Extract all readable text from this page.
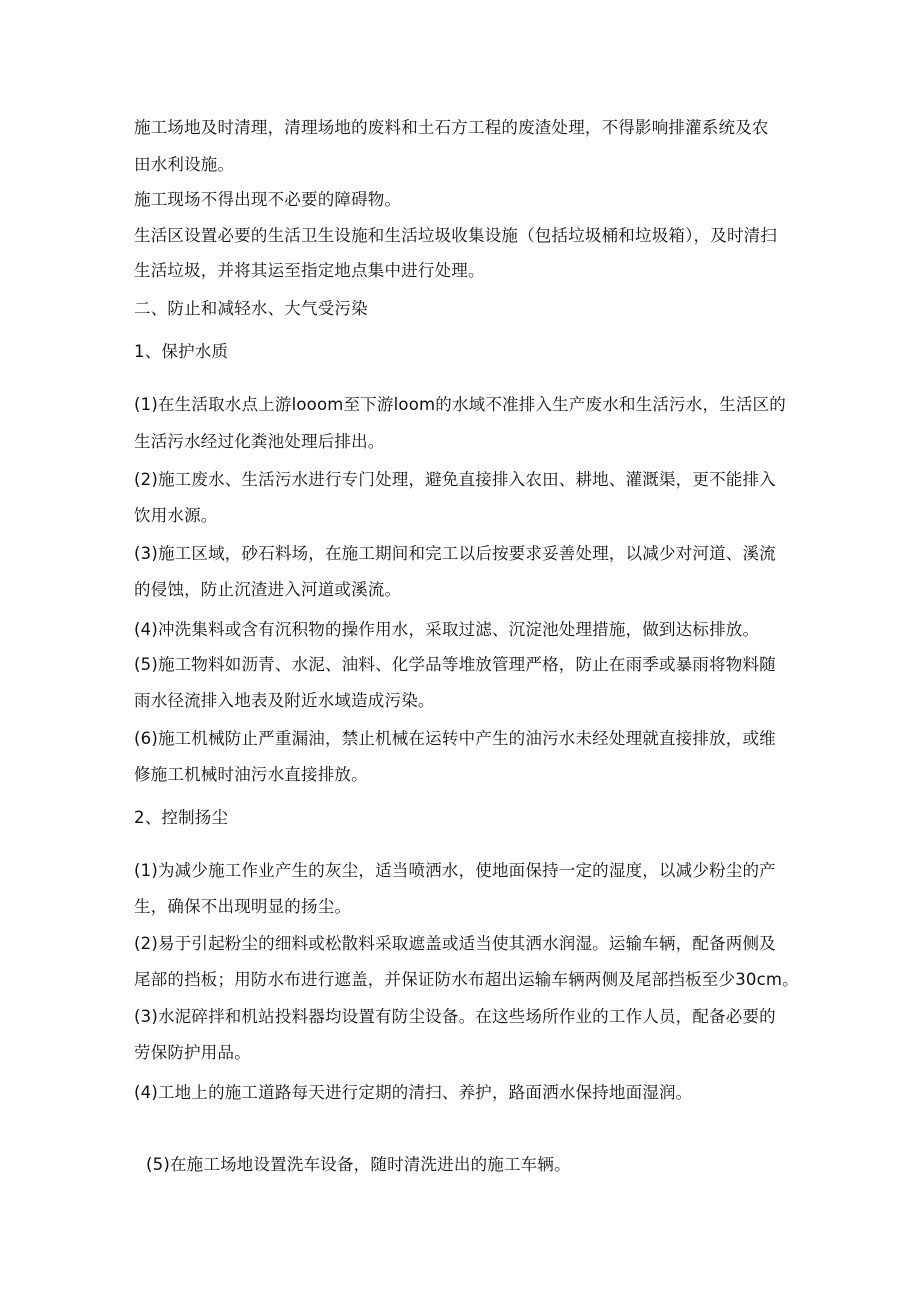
施工场地及时清理，清理场地的废料和土石方工程的废渣处理，不得影响排灌系统及农
田水利设施。
施工现场不得出现不必要的障碍物。
生活区设置必要的生活卫生设施和生活垃圾收集设施（包括垃圾桶和垃圾箱），及时清扫
生活垃圾，并将其运至指定地点集中进行处理。
二、防止和减轻水、大气受污染
1、保护水质
(1)在生活取水点上游looom至下游loom的水域不准排入生产废水和生活污水，生活区的
生活污水经过化粪池处理后排出。
(2)施工废水、生活污水进行专门处理，避免直接排入农田、耕地、灌溉渠，更不能排入
饮用水源。
(3)施工区域，砂石料场，在施工期间和完工以后按要求妥善处理，以减少对河道、溪流
的侵蚀，防止沉渣进入河道或溪流。
(4)冲洗集料或含有沉积物的操作用水，采取过滤、沉淀池处理措施，做到达标排放。
(5)施工物料如沥青、水泥、油料、化学品等堆放管理严格，防止在雨季或暴雨将物料随
雨水径流排入地表及附近水域造成污染。
(6)施工机械防止严重漏油，禁止机械在运转中产生的油污水未经处理就直接排放，或维
修施工机械时油污水直接排放。
2、控制扬尘
(1)为减少施工作业产生的灰尘，适当喷洒水，使地面保持一定的湿度，以减少粉尘的产
生，确保不出现明显的扬尘。
(2)易于引起粉尘的细料或松散料采取遮盖或适当使其洒水润湿。运输车辆，配备两侧及
尾部的挡板；用防水布进行遮盖，并保证防水布超出运输车辆两侧及尾部挡板至少30cm。
(3)水泥碎拌和机站投料器均设置有防尘设备。在这些场所作业的工作人员，配备必要的
劳保防护用品。
(4)工地上的施工道路每天进行定期的清扫、养护，路面洒水保持地面湿润。
(5)在施工场地设置洗车设备，随时清洗进出的施工车辆。
